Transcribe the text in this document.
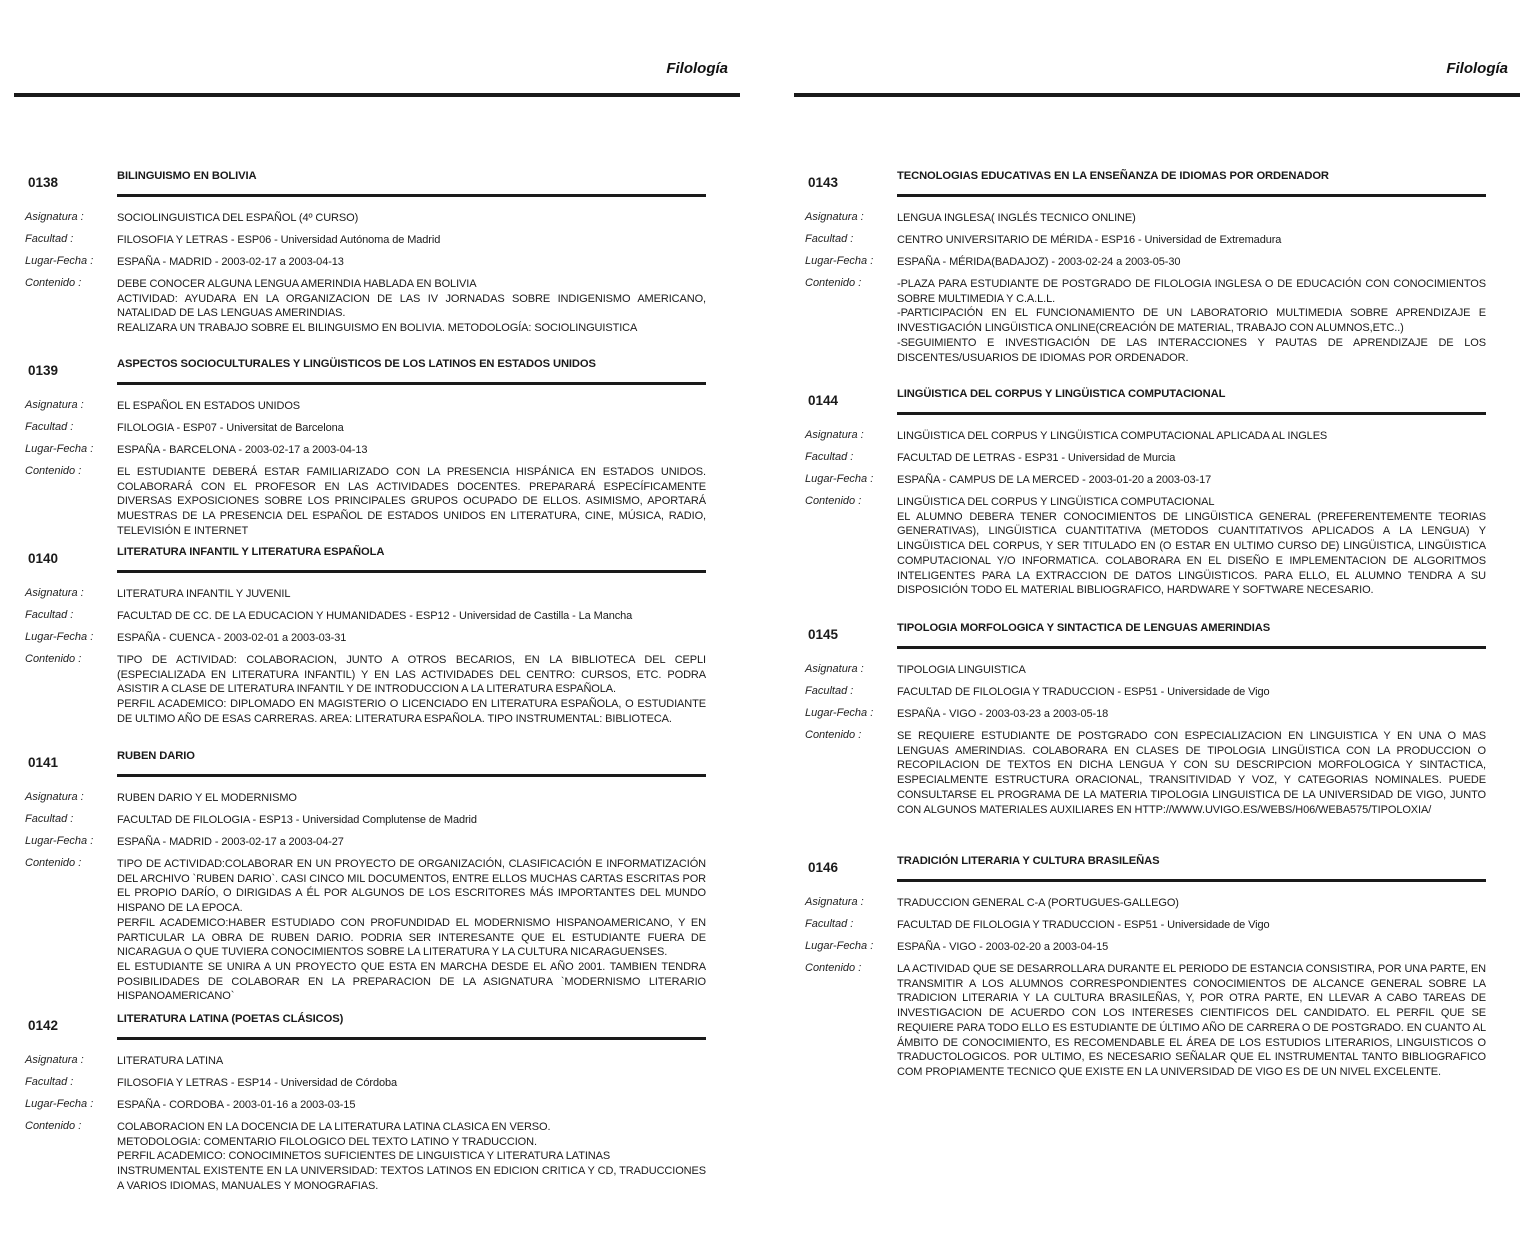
Filología
0138	BILINGUISMO EN BOLIVIA
Asignatura :	SOCIOLINGUISTICA DEL ESPAÑOL (4º CURSO)
Facultad :	FILOSOFIA Y LETRAS - ESP06 - Universidad Autónoma de Madrid
Lugar-Fecha :	ESPAÑA - MADRID - 2003-02-17 a 2003-04-13
Contenido :	DEBE CONOCER ALGUNA LENGUA AMERINDIA HABLADA EN BOLIVIA

ACTIVIDAD: AYUDARA EN LA ORGANIZACION DE LAS IV JORNADAS SOBRE INDIGENISMO AMERICANO, NATALIDAD DE LAS LENGUAS AMERINDIAS.

REALIZARA UN TRABAJO SOBRE EL BILINGUISMO EN BOLIVIA. METODOLOGÍA: SOCIOLINGUISTICA

0139	ASPECTOS SOCIOCULTURALES Y LINGÜISTICOS DE LOS LATINOS EN ESTADOS UNIDOS
Asignatura :	EL ESPAÑOL EN ESTADOS UNIDOS
Facultad :	FILOLOGIA - ESP07 - Universitat de Barcelona
Lugar-Fecha :	ESPAÑA - BARCELONA - 2003-02-17 a 2003-04-13
Contenido :	EL ESTUDIANTE DEBERÁ ESTAR FAMILIARIZADO CON LA PRESENCIA HISPÁNICA EN ESTADOS UNIDOS. COLABORARÁ CON EL PROFESOR EN LAS ACTIVIDADES DOCENTES. PREPARARÁ ESPECÍFICAMENTE DIVERSAS EXPOSICIONES SOBRE LOS PRINCIPALES GRUPOS OCUPADO DE ELLOS. ASIMISMO, APORTARÁ MUESTRAS DE LA PRESENCIA DEL ESPAÑOL DE ESTADOS UNIDOS EN LITERATURA, CINE, MÚSICA, RADIO, TELEVISIÓN E INTERNET

0140	LITERATURA INFANTIL Y LITERATURA ESPAÑOLA
Asignatura :	LITERATURA INFANTIL Y JUVENIL
Facultad :	FACULTAD DE CC. DE LA EDUCACION Y HUMANIDADES - ESP12 - Universidad de Castilla - La Mancha
Lugar-Fecha :	ESPAÑA - CUENCA - 2003-02-01 a 2003-03-31
Contenido :	TIPO DE ACTIVIDAD: COLABORACION, JUNTO A OTROS BECARIOS, EN LA BIBLIOTECA DEL CEPLI (ESPECIALIZADA EN LITERATURA INFANTIL) Y EN LAS ACTIVIDADES DEL CENTRO: CURSOS, ETC. PODRA ASISTIR A CLASE DE LITERATURA INFANTIL Y DE INTRODUCCION A LA LITERATURA ESPAÑOLA.

PERFIL ACADEMICO: DIPLOMADO EN MAGISTERIO O LICENCIADO EN LITERATURA ESPAÑOLA, O ESTUDIANTE DE ULTIMO AÑO DE ESAS CARRERAS. AREA: LITERATURA ESPAÑOLA. TIPO INSTRUMENTAL: BIBLIOTECA.

0141	RUBEN DARIO
Asignatura :	RUBEN DARIO Y EL MODERNISMO
Facultad :	FACULTAD DE FILOLOGIA - ESP13 - Universidad Complutense de Madrid
Lugar-Fecha :	ESPAÑA - MADRID - 2003-02-17 a 2003-04-27
Contenido :	TIPO DE ACTIVIDAD:COLABORAR EN UN PROYECTO DE ORGANIZACIÓN, CLASIFICACIÓN E INFORMATIZACIÓN DEL ARCHIVO `RUBEN DARIO`. CASI CINCO MIL DOCUMENTOS, ENTRE ELLOS MUCHAS CARTAS ESCRITAS POR EL PROPIO DARÍO, O DIRIGIDAS A ÉL POR ALGUNOS DE LOS ESCRITORES MÁS IMPORTANTES DEL MUNDO HISPANO DE LA EPOCA.

PERFIL ACADEMICO:HABER ESTUDIADO CON PROFUNDIDAD EL MODERNISMO HISPANOAMERICANO, Y EN PARTICULAR LA OBRA DE RUBEN DARIO. PODRIA SER INTERESANTE QUE EL ESTUDIANTE FUERA DE NICARAGUA O QUE TUVIERA CONOCIMIENTOS SOBRE LA LITERATURA Y LA CULTURA NICARAGUENSES.

EL ESTUDIANTE SE UNIRA A UN PROYECTO QUE ESTA EN MARCHA DESDE EL AÑO 2001. TAMBIEN TENDRA POSIBILIDADES DE COLABORAR EN LA PREPARACION DE LA ASIGNATURA `MODERNISMO LITERARIO HISPANOAMERICANO`

0142	LITERATURA LATINA (POETAS CLÁSICOS)
Asignatura :	LITERATURA LATINA
Facultad :	FILOSOFIA Y LETRAS - ESP14 - Universidad de Córdoba
Lugar-Fecha :	ESPAÑA - CORDOBA - 2003-01-16 a 2003-03-15
Contenido :	COLABORACION EN LA DOCENCIA DE LA LITERATURA LATINA CLASICA EN VERSO.

METODOLOGIA: COMENTARIO FILOLOGICO DEL TEXTO LATINO Y TRADUCCION.

PERFIL ACADEMICO: CONOCIMINETOS SUFICIENTES DE LINGUISTICA Y LITERATURA LATINAS

INSTRUMENTAL EXISTENTE EN LA UNIVERSIDAD: TEXTOS LATINOS EN EDICION CRITICA Y CD, TRADUCCIONES A VARIOS IDIOMAS, MANUALES Y MONOGRAFIAS.

Filología
0143	TECNOLOGIAS EDUCATIVAS EN LA ENSEÑANZA DE IDIOMAS POR ORDENADOR
Asignatura :	LENGUA INGLESA( INGLÉS TECNICO ONLINE)
Facultad :	CENTRO UNIVERSITARIO DE MÉRIDA - ESP16 - Universidad de Extremadura
Lugar-Fecha :	ESPAÑA - MÉRIDA(BADAJOZ) - 2003-02-24 a 2003-05-30
Contenido :	-PLAZA PARA ESTUDIANTE DE POSTGRADO DE FILOLOGIA INGLESA O DE EDUCACIÓN CON CONOCIMIENTOS SOBRE MULTIMEDIA Y C.A.L.L.

-PARTICIPACIÓN EN EL FUNCIONAMIENTO DE UN LABORATORIO MULTIMEDIA SOBRE APRENDIZAJE E INVESTIGACIÓN LINGÜISTICA ONLINE(CREACIÓN DE MATERIAL, TRABAJO CON ALUMNOS,ETC..)

-SEGUIMIENTO E INVESTIGACIÓN DE LAS INTERACCIONES Y PAUTAS DE APRENDIZAJE DE LOS DISCENTES/USUARIOS DE IDIOMAS POR ORDENADOR.

0144	LINGÜISTICA DEL CORPUS Y LINGÜISTICA COMPUTACIONAL
Asignatura :	LINGÜISTICA DEL CORPUS Y LINGÜISTICA COMPUTACIONAL APLICADA AL INGLES
Facultad :	FACULTAD DE LETRAS - ESP31 - Universidad de Murcia
Lugar-Fecha :	ESPAÑA - CAMPUS DE LA MERCED - 2003-01-20 a 2003-03-17
Contenido :	LINGÜISTICA DEL CORPUS Y LINGÜISTICA COMPUTACIONAL

EL ALUMNO DEBERA TENER CONOCIMIENTOS DE LINGÜISTICA GENERAL (PREFERENTEMENTE TEORIAS GENERATIVAS), LINGÜISTICA CUANTITATIVA (METODOS CUANTITATIVOS APLICADOS A LA LENGUA) Y LINGÜISTICA DEL CORPUS, Y SER TITULADO EN (O ESTAR EN ULTIMO CURSO DE) LINGÜISTICA, LINGÜISTICA COMPUTACIONAL Y/O INFORMATICA. COLABORARA EN EL DISEÑO E IMPLEMENTACION DE ALGORITMOS INTELIGENTES PARA LA EXTRACCION DE DATOS LINGÜISTICOS. PARA ELLO, EL ALUMNO TENDRA A SU DISPOSICIÓN TODO EL MATERIAL BIBLIOGRAFICO, HARDWARE Y SOFTWARE NECESARIO.

0145	TIPOLOGIA MORFOLOGICA Y SINTACTICA DE LENGUAS AMERINDIAS
Asignatura :	TIPOLOGIA LINGUISTICA
Facultad :	FACULTAD DE FILOLOGIA Y TRADUCCION - ESP51 - Universidade de Vigo
Lugar-Fecha :	ESPAÑA - VIGO - 2003-03-23 a 2003-05-18
Contenido :	SE REQUIERE ESTUDIANTE DE POSTGRADO CON ESPECIALIZACION EN LINGUISTICA Y EN UNA O MAS LENGUAS AMERINDIAS. COLABORARA EN CLASES DE TIPOLOGIA LINGÜISTICA CON LA PRODUCCION O RECOPILACION DE TEXTOS EN DICHA LENGUA Y CON SU DESCRIPCION MORFOLOGICA Y SINTACTICA, ESPECIALMENTE ESTRUCTURA ORACIONAL, TRANSITIVIDAD Y VOZ, Y CATEGORIAS NOMINALES. PUEDE CONSULTARSE EL PROGRAMA DE LA MATERIA TIPOLOGIA LINGUISTICA DE LA UNIVERSIDAD DE VIGO, JUNTO CON ALGUNOS MATERIALES AUXILIARES EN HTTP://WWW.UVIGO.ES/WEBS/H06/WEBA575/TIPOLOXIA/

0146	TRADICIÓN LITERARIA Y CULTURA BRASILEÑAS
Asignatura :	TRADUCCION GENERAL C-A (PORTUGUES-GALLEGO)
Facultad :	FACULTAD DE FILOLOGIA Y TRADUCCION - ESP51 - Universidade de Vigo
Lugar-Fecha :	ESPAÑA - VIGO - 2003-02-20 a 2003-04-15
Contenido :	LA ACTIVIDAD QUE SE DESARROLLARA DURANTE EL PERIODO DE ESTANCIA CONSISTIRA, POR UNA PARTE, EN TRANSMITIR A LOS ALUMNOS CORRESPONDIENTES CONOCIMIENTOS DE ALCANCE GENERAL SOBRE LA TRADICION LITERARIA Y LA CULTURA BRASILEÑAS, Y, POR OTRA PARTE, EN LLEVAR A CABO TAREAS DE INVESTIGACION DE ACUERDO CON LOS INTERESES CIENTIFICOS DEL CANDIDATO. EL PERFIL QUE SE REQUIERE PARA TODO ELLO ES ESTUDIANTE DE ÚLTIMO AÑO DE CARRERA O DE POSTGRADO. EN CUANTO AL ÁMBITO DE CONOCIMIENTO, ES RECOMENDABLE EL ÁREA DE LOS ESTUDIOS LITERARIOS, LINGUISTICOS O TRADUCTOLOGICOS. POR ULTIMO, ES NECESARIO SEÑALAR QUE EL INSTRUMENTAL TANTO BIBLIOGRAFICO COM PROPIAMENTE TECNICO QUE EXISTE EN LA UNIVERSIDAD DE VIGO ES DE UN NIVEL EXCELENTE.
